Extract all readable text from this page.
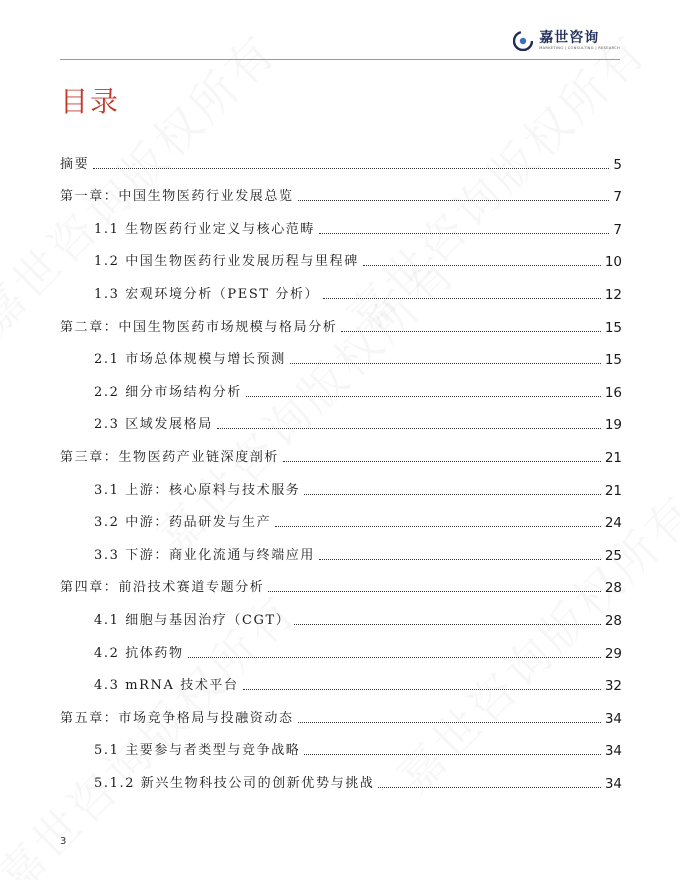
嘉世咨询
MARKETING | CONSULTING | RESEARCH
目录
摘要	5
第一章：中国生物医药行业发展总览	7
1.1 生物医药行业定义与核心范畴	7
1.2 中国生物医药行业发展历程与里程碑	10
1.3 宏观环境分析（PEST 分析）	12
第二章：中国生物医药市场规模与格局分析	15
2.1 市场总体规模与增长预测	15
2.2 细分市场结构分析	16
2.3 区域发展格局	19
第三章：生物医药产业链深度剖析	21
3.1 上游：核心原料与技术服务	21
3.2 中游：药品研发与生产	24
3.3 下游：商业化流通与终端应用	25
第四章：前沿技术赛道专题分析	28
4.1 细胞与基因治疗（CGT）	28
4.2 抗体药物	29
4.3 mRNA 技术平台	32
第五章：市场竞争格局与投融资动态	34
5.1 主要参与者类型与竞争战略	34
5.1.2 新兴生物科技公司的创新优势与挑战	34
3
